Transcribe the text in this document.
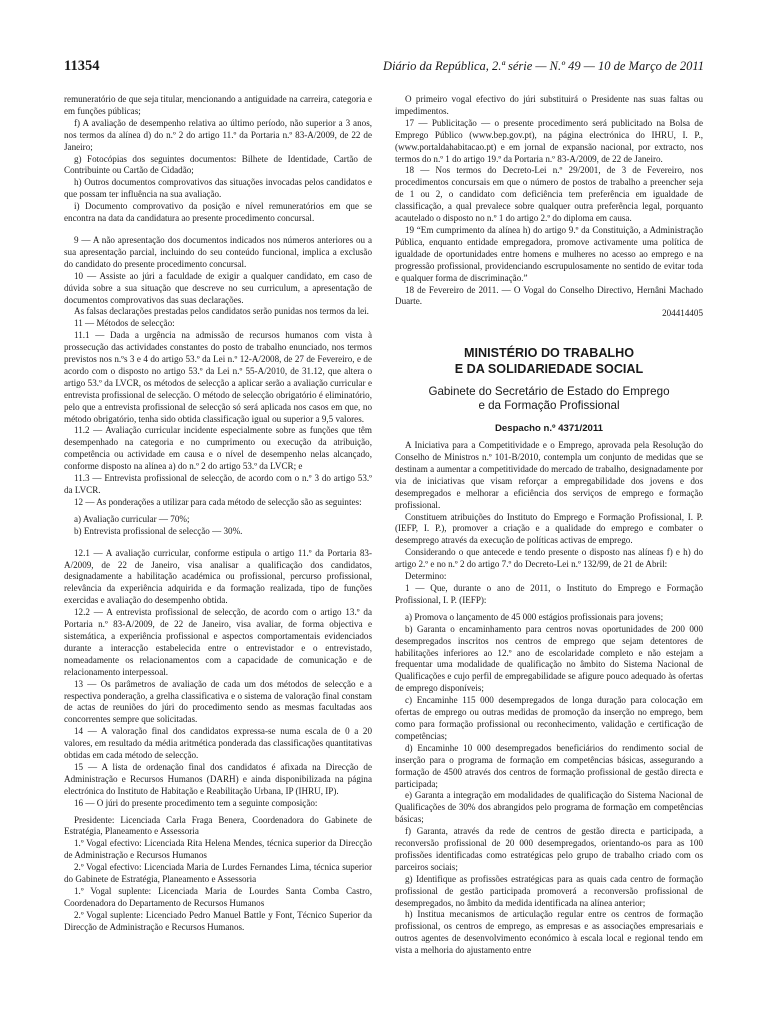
11354	Diário da República, 2.ª série — N.º 49 — 10 de Março de 2011

remuneratório de que seja titular, mencionando a antiguidade na carreira, categoria e em funções públicas;

f) A avaliação de desempenho relativa ao último período, não superior a 3 anos, nos termos da alínea d) do n.º 2 do artigo 11.º da Portaria n.º 83-A/2009, de 22 de Janeiro;

g) Fotocópias dos seguintes documentos: Bilhete de Identidade, Cartão de Contribuinte ou Cartão de Cidadão;

h) Outros documentos comprovativos das situações invocadas pelos candidatos e que possam ter influência na sua avaliação.

i) Documento comprovativo da posição e nível remuneratórios em que se encontra na data da candidatura ao presente procedimento concursal.

9 — A não apresentação dos documentos indicados nos números anteriores ou a sua apresentação parcial, incluindo do seu conteúdo funcional, implica a exclusão do candidato do presente procedimento concursal.

10 — Assiste ao júri a faculdade de exigir a qualquer candidato, em caso de dúvida sobre a sua situação que descreve no seu curriculum, a apresentação de documentos comprovativos das suas declarações.

As falsas declarações prestadas pelos candidatos serão punidas nos termos da lei.

11 — Métodos de selecção:

11.1 — Dada a urgência na admissão de recursos humanos com vista à prossecução das actividades constantes do posto de trabalho enunciado, nos termos previstos nos n.ºs 3 e 4 do artigo 53.º da Lei n.º 12-A/2008, de 27 de Fevereiro, e de acordo com o disposto no artigo 53.º da Lei n.º 55-A/2010, de 31.12, que altera o artigo 53.º da LVCR, os métodos de selecção a aplicar serão a avaliação curricular e entrevista profissional de selecção. O método de selecção obrigatório é eliminatório, pelo que a entrevista profissional de selecção só será aplicada nos casos em que, no método obrigatório, tenha sido obtida classificação igual ou superior a 9,5 valores.

11.2 — Avaliação curricular incidente especialmente sobre as funções que têm desempenhado na categoria e no cumprimento ou execução da atribuição, competência ou actividade em causa e o nível de desempenho nelas alcançado, conforme disposto na alínea a) do n.º 2 do artigo 53.º da LVCR; e

11.3 — Entrevista profissional de selecção, de acordo com o n.º 3 do artigo 53.º da LVCR.

12 — As ponderações a utilizar para cada método de selecção são as seguintes:

a) Avaliação curricular — 70%;

b) Entrevista profissional de selecção — 30%.

12.1 — A avaliação curricular, conforme estipula o artigo 11.º da Portaria 83-A/2009, de 22 de Janeiro, visa analisar a qualificação dos candidatos, designadamente a habilitação académica ou profissional, percurso profissional, relevância da experiência adquirida e da formação realizada, tipo de funções exercidas e avaliação do desempenho obtida.

12.2 — A entrevista profissional de selecção, de acordo com o artigo 13.º da Portaria n.º 83-A/2009, de 22 de Janeiro, visa avaliar, de forma objectiva e sistemática, a experiência profissional e aspectos comportamentais evidenciados durante a interacção estabelecida entre o entrevistador e o entrevistado, nomeadamente os relacionamentos com a capacidade de comunicação e de relacionamento interpessoal.

13 — Os parâmetros de avaliação de cada um dos métodos de selecção e a respectiva ponderação, a grelha classificativa e o sistema de valoração final constam de actas de reuniões do júri do procedimento sendo as mesmas facultadas aos concorrentes sempre que solicitadas.

14 — A valoração final dos candidatos expressa-se numa escala de 0 a 20 valores, em resultado da média aritmética ponderada das classificações quantitativas obtidas em cada método de selecção.

15 — A lista de ordenação final dos candidatos é afixada na Direcção de Administração e Recursos Humanos (DARH) e ainda disponibilizada na página electrónica do Instituto de Habitação e Reabilitação Urbana, IP (IHRU, IP).

16 — O júri do presente procedimento tem a seguinte composição:

Presidente: Licenciada Carla Fraga Benera, Coordenadora do Gabinete de Estratégia, Planeamento e Assessoria

1.º Vogal efectivo: Licenciada Rita Helena Mendes, técnica superior da Direcção de Administração e Recursos Humanos

2.º Vogal efectivo: Licenciada Maria de Lurdes Fernandes Lima, técnica superior do Gabinete de Estratégia, Planeamento e Assessoria

1.º Vogal suplente: Licenciada Maria de Lourdes Santa Comba Castro, Coordenadora do Departamento de Recursos Humanos

2.º Vogal suplente: Licenciado Pedro Manuel Battle y Font, Técnico Superior da Direcção de Administração e Recursos Humanos.

O primeiro vogal efectivo do júri substituirá o Presidente nas suas faltas ou impedimentos.

17 — Publicitação — o presente procedimento será publicitado na Bolsa de Emprego Público (www.bep.gov.pt), na página electrónica do IHRU, I. P., (www.portaldahabitacao.pt) e em jornal de expansão nacional, por extracto, nos termos do n.º 1 do artigo 19.º da Portaria n.º 83-A/2009, de 22 de Janeiro.

18 — Nos termos do Decreto-Lei n.º 29/2001, de 3 de Fevereiro, nos procedimentos concursais em que o número de postos de trabalho a preencher seja de 1 ou 2, o candidato com deficiência tem preferência em igualdade de classificação, a qual prevalece sobre qualquer outra preferência legal, porquanto acautelado o disposto no n.º 1 do artigo 2.º do diploma em causa.

19 “Em cumprimento da alínea h) do artigo 9.º da Constituição, a Administração Pública, enquanto entidade empregadora, promove activamente uma política de igualdade de oportunidades entre homens e mulheres no acesso ao emprego e na progressão profissional, providenciando escrupulosamente no sentido de evitar toda e qualquer forma de discriminação.”

18 de Fevereiro de 2011. — O Vogal do Conselho Directivo, Hernâni Machado Duarte.

204414405

MINISTÉRIO DO TRABALHO
E DA SOLIDARIEDADE SOCIAL
Gabinete do Secretário de Estado do Emprego
e da Formação Profissional
Despacho n.º 4371/2011

A Iniciativa para a Competitividade e o Emprego, aprovada pela Resolução do Conselho de Ministros n.º 101-B/2010, contempla um conjunto de medidas que se destinam a aumentar a competitividade do mercado de trabalho, designadamente por via de iniciativas que visam reforçar a empregabilidade dos jovens e dos desempregados e melhorar a eficiência dos serviços de emprego e formação profissional.

Constituem atribuições do Instituto do Emprego e Formação Profissional, I. P. (IEFP, I. P.), promover a criação e a qualidade do emprego e combater o desemprego através da execução de políticas activas de emprego.

Considerando o que antecede e tendo presente o disposto nas alíneas f) e h) do artigo 2.º e no n.º 2 do artigo 7.º do Decreto-Lei n.º 132/99, de 21 de Abril:

Determino:

1 — Que, durante o ano de 2011, o Instituto do Emprego e Formação Profissional, I. P. (IEFP):

a) Promova o lançamento de 45 000 estágios profissionais para jovens;

b) Garanta o encaminhamento para centros novas oportunidades de 200 000 desempregados inscritos nos centros de emprego que sejam detentores de habilitações inferiores ao 12.º ano de escolaridade completo e não estejam a frequentar uma modalidade de qualificação no âmbito do Sistema Nacional de Qualificações e cujo perfil de empregabilidade se afigure pouco adequado às ofertas de emprego disponíveis;

c) Encaminhe 115 000 desempregados de longa duração para colocação em ofertas de emprego ou outras medidas de promoção da inserção no emprego, bem como para formação profissional ou reconhecimento, validação e certificação de competências;

d) Encaminhe 10 000 desempregados beneficiários do rendimento social de inserção para o programa de formação em competências básicas, assegurando a formação de 4500 através dos centros de formação profissional de gestão directa e participada;

e) Garanta a integração em modalidades de qualificação do Sistema Nacional de Qualificações de 30% dos abrangidos pelo programa de formação em competências básicas;

f) Garanta, através da rede de centros de gestão directa e participada, a reconversão profissional de 20 000 desempregados, orientando-os para as 100 profissões identificadas como estratégicas pelo grupo de trabalho criado com os parceiros sociais;

g) Identifique as profissões estratégicas para as quais cada centro de formação profissional de gestão participada promoverá a reconversão profissional de desempregados, no âmbito da medida identificada na alínea anterior;

h) Institua mecanismos de articulação regular entre os centros de formação profissional, os centros de emprego, as empresas e as associações empresariais e outros agentes de desenvolvimento económico à escala local e regional tendo em vista a melhoria do ajustamento entre
